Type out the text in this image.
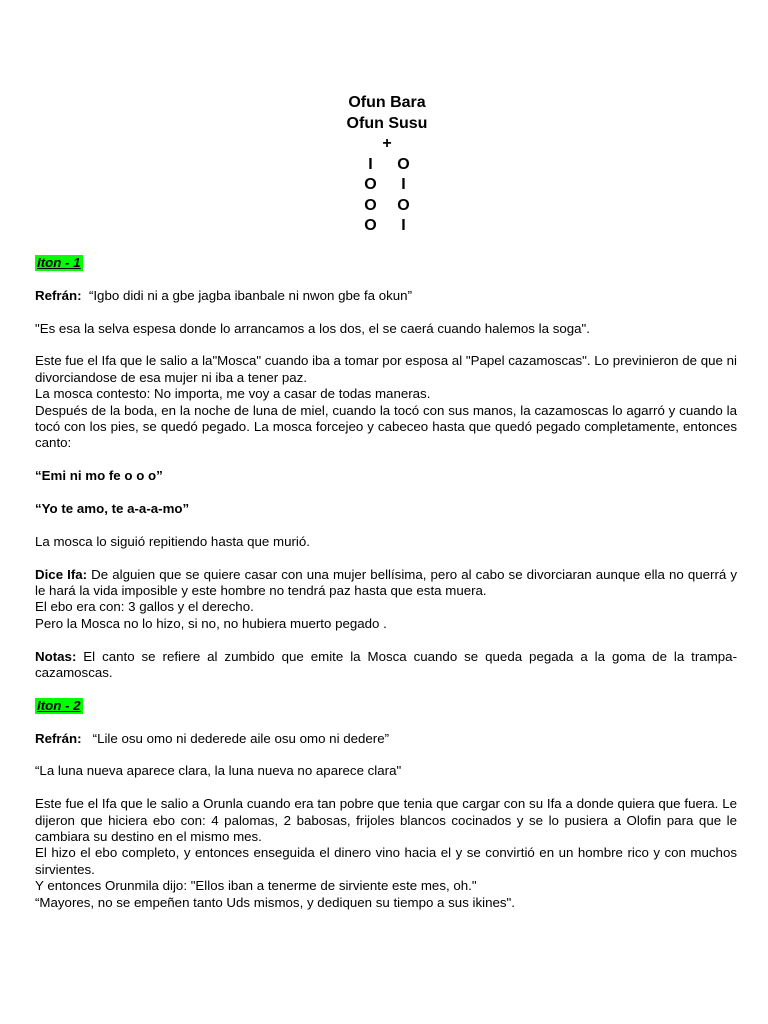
Ofun Bara
Ofun Susu
+
I O
O I
O O
O I

Iton - 1

Refrán: “Igbo didi ni a gbe jagba ibanbale ni nwon gbe fa okun”

"Es esa la selva espesa donde lo arrancamos a los dos, el se caerá cuando halemos la soga".

Este fue el Ifa que le salio a la"Mosca" cuando iba a tomar por esposa al "Papel cazamoscas". Lo previnieron de que ni divorciandose de esa mujer ni iba a tener paz.

La mosca contesto: No importa, me voy a casar de todas maneras.

Después de la boda, en la noche de luna de miel, cuando la tocó con sus manos, la cazamoscas lo agarró y cuando la tocó con los pies, se quedó pegado. La mosca forcejeo y cabeceo hasta que quedó pegado completamente, entonces canto:

“Emi ni mo fe o o o”

“Yo te amo, te a-a-a-mo”

La mosca lo siguió repitiendo hasta que murió.

Dice Ifa: De alguien que se quiere casar con una mujer bellísima, pero al cabo se divorciaran aunque ella no querrá y le hará la vida imposible y este hombre no tendrá paz hasta que esta muera.

El ebo era con: 3 gallos y el derecho.

Pero la Mosca no lo hizo, si no, no hubiera muerto pegado .

Notas: El canto se refiere al zumbido que emite la Mosca cuando se queda pegada a la goma de la trampa-cazamoscas.

Iton - 2

Refrán: “Lile osu omo ni dederede aile osu omo ni dedere”

“La luna nueva aparece clara, la luna nueva no aparece clara"

Este fue el Ifa que le salio a Orunla cuando era tan pobre que tenia que cargar con su Ifa a donde quiera que fuera. Le dijeron que hiciera ebo con: 4 palomas, 2 babosas, frijoles blancos cocinados y se lo pusiera a Olofin para que le cambiara su destino en el mismo mes.

El hizo el ebo completo, y entonces enseguida el dinero vino hacia el y se convirtió en un hombre rico y con muchos sirvientes.

Y entonces Orunmila dijo: "Ellos iban a tenerme de sirviente este mes, oh."

“Mayores, no se empeñen tanto Uds mismos, y dediquen su tiempo a sus ikines".
